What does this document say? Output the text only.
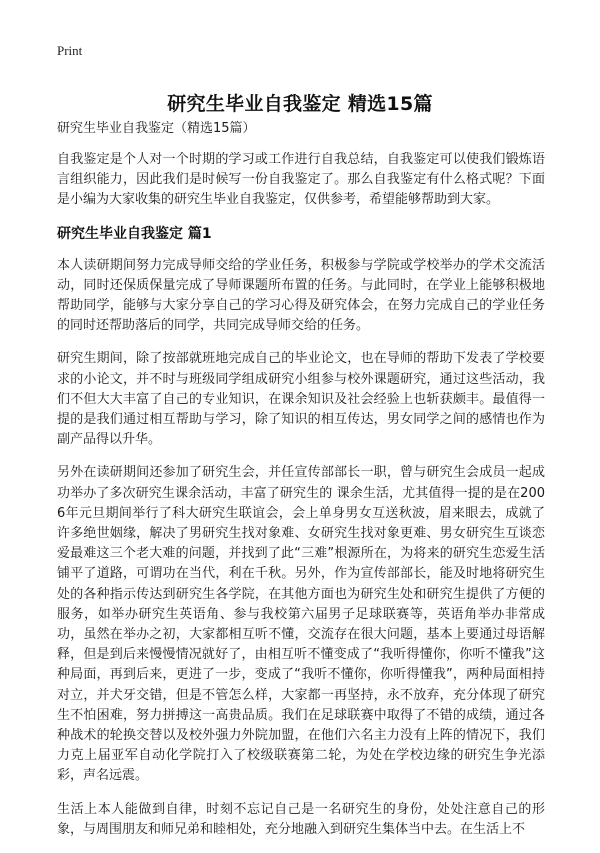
Print
研究生毕业自我鉴定 精选15篇

研究生毕业自我鉴定（精选15篇）

自我鉴定是个人对一个时期的学习或工作进行自我总结，自我鉴定可以使我们锻炼语言组织能力，因此我们是时候写一份自我鉴定了。那么自我鉴定有什么格式呢？下面是小编为大家收集的研究生毕业自我鉴定，仅供参考，希望能够帮助到大家。

研究生毕业自我鉴定 篇1

本人读研期间努力完成导师交给的学业任务，积极参与学院或学校举办的学术交流活动，同时还保质保量完成了导师课题所布置的任务。与此同时，在学业上能够积极地帮助同学，能够与大家分享自己的学习心得及研究体会，在努力完成自己的学业任务的同时还帮助落后的同学，共同完成导师交给的任务。

研究生期间，除了按部就班地完成自己的毕业论文，也在导师的帮助下发表了学校要求的小论文，并不时与班级同学组成研究小组参与校外课题研究，通过这些活动，我们不但大大丰富了自己的专业知识，在课余知识及社会经验上也斩获颇丰。最值得一提的是我们通过相互帮助与学习，除了知识的相互传达，男女同学之间的感情也作为副产品得以升华。

另外在读研期间还参加了研究生会，并任宣传部部长一职，曾与研究生会成员一起成功举办了多次研究生课余活动，丰富了研究生的 课余生活，尤其值得一提的是在2006年元旦期间举行了科大研究生联谊会，会上单身男女互送秋波，眉来眼去，成就了许多绝世姻缘，解决了男研究生找对象难、女研究生找对象更难、男女研究生互谈恋爱最难这三个老大难的问题，并找到了此“三难”根源所在，为将来的研究生恋爱生活铺平了道路，可谓功在当代，利在千秋。另外，作为宣传部部长，能及时地将研究生处的各种指示传达到研究生各学院，在其他方面也为研究生处和研究生提供了方便的服务，如举办研究生英语角、参与我校第六届男子足球联赛等，英语角举办非常成功，虽然在举办之初，大家都相互听不懂，交流存在很大问题，基本上要通过母语解释，但是到后来慢慢情况就好了，由相互听不懂变成了“我听得懂你，你听不懂我”这种局面，再到后来，更进了一步，变成了“我听不懂你，你听得懂我”，两种局面相持对立，并犬牙交错，但是不管怎么样，大家都一再坚持，永不放弃，充分体现了研究生不怕困难，努力拼搏这一高贵品质。我们在足球联赛中取得了不错的成绩，通过各种战术的轮换交替以及校外强力外院加盟，在他们六名主力没有上阵的情况下，我们力克上届亚军自动化学院打入了校级联赛第二轮，为处在学校边缘的研究生争光添彩，声名远震。

生活上本人能做到自律，时刻不忘记自己是一名研究生的身份，处处注意自己的形象，与周围朋友和师兄弟和睦相处，充分地融入到研究生集体当中去。在生活上不
